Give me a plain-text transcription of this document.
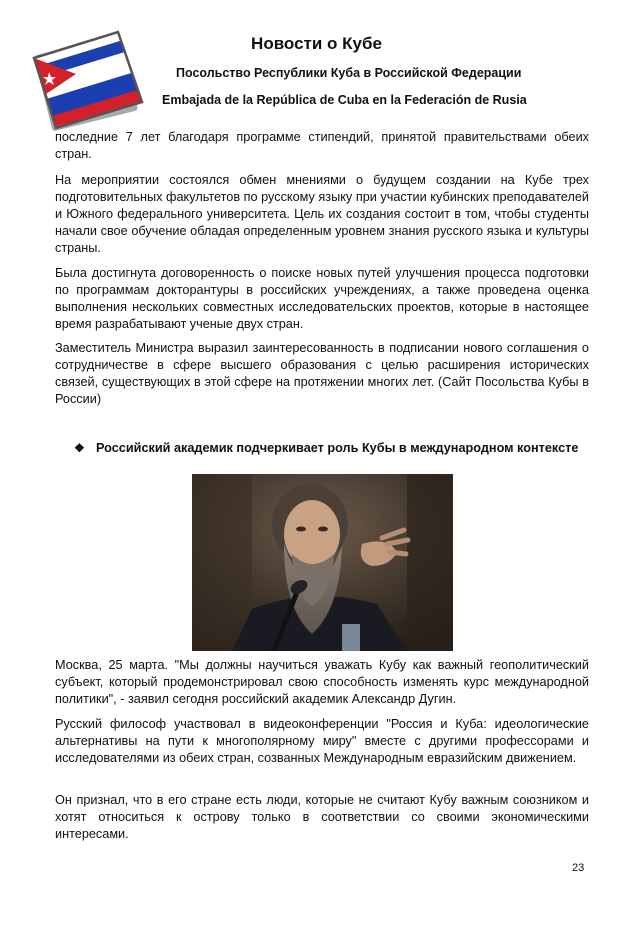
Новости о Кубе
Посольство Республики Куба в Российской Федерации
Embajada de la República de Cuba en la Federación de Rusia
последние 7 лет благодаря программе стипендий, принятой правительствами обеих стран.
На мероприятии состоялся обмен мнениями о будущем создании на Кубе трех подготовительных факультетов по русскому языку при участии кубинских преподавателей и Южного федерального университета. Цель их создания состоит в том, чтобы студенты начали свое обучение обладая определенным уровнем знания русского языка и культуры страны.
Была достигнута договоренность о поиске новых путей улучшения процесса подготовки по программам докторантуры в российских учреждениях, а также проведена оценка выполнения нескольких совместных исследовательских проектов, которые в настоящее время разрабатывают ученые двух стран.
Заместитель Министра выразил заинтересованность в подписании нового соглашения о сотрудничестве в сфере высшего образования с целью расширения исторических связей, существующих в этой сфере на протяжении многих лет. (Сайт Посольства Кубы в России)
❖ Российский академик подчеркивает роль Кубы в международном контексте
Москва, 25 марта. "Мы должны научиться уважать Кубу как важный геополитический субъект, который продемонстрировал свою способность изменять курс международной политики", - заявил сегодня российский академик Александр Дугин.
Русский философ участвовал в видеоконференции "Россия и Куба: идеологические альтернативы на пути к многополярному миру" вместе с другими профессорами и исследователями из обеих стран, созванных Международным евразийским движением.
Он признал, что в его стране есть люди, которые не считают Кубу важным союзником и хотят относиться к острову только в соответствии со своими экономическими интересами.
23
